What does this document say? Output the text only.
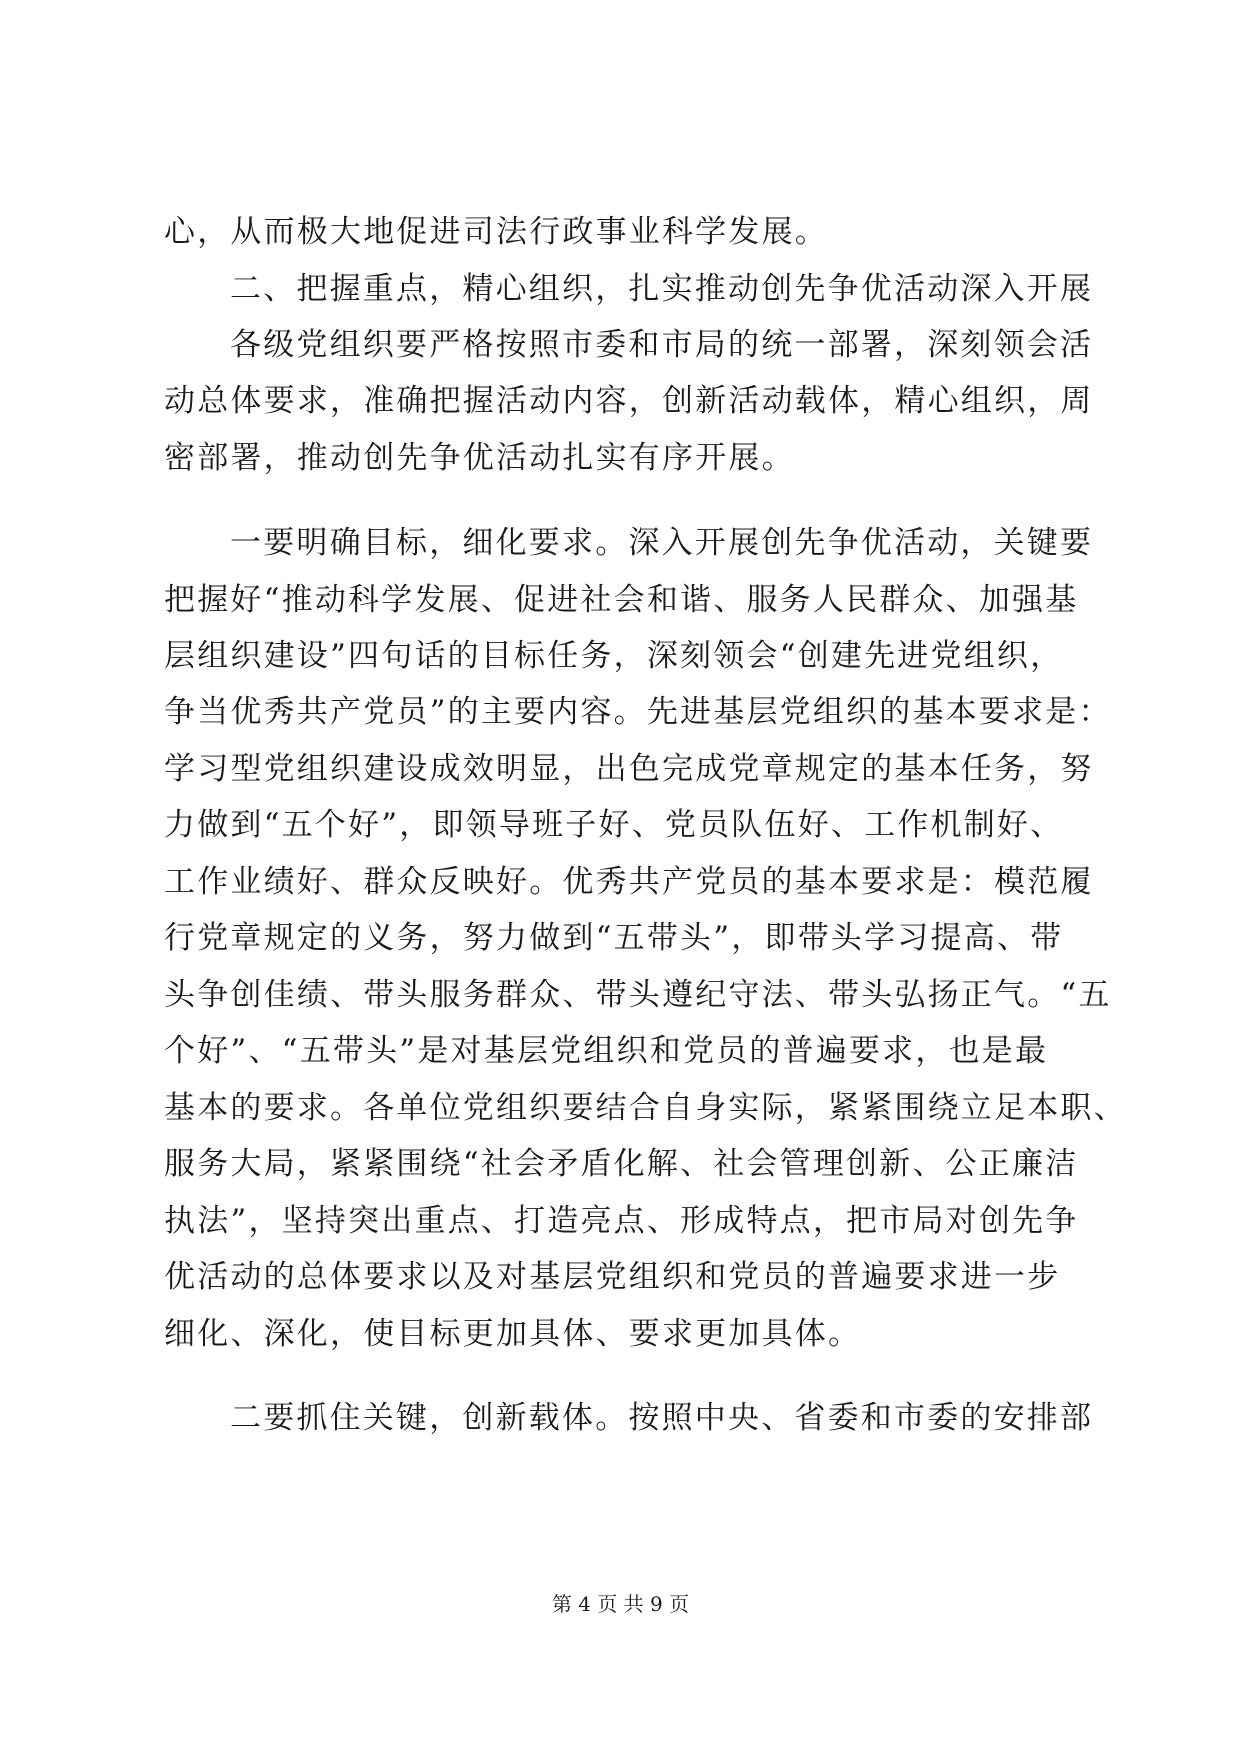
心，从而极大地促进司法行政事业科学发展。
二、把握重点，精心组织，扎实推动创先争优活动深入开展
各级党组织要严格按照市委和市局的统一部署，深刻领会活
动总体要求，准确把握活动内容，创新活动载体，精心组织，周
密部署，推动创先争优活动扎实有序开展。
一要明确目标，细化要求。深入开展创先争优活动，关键要
把握好“推动科学发展、促进社会和谐、服务人民群众、加强基
层组织建设”四句话的目标任务，深刻领会“创建先进党组织，
争当优秀共产党员”的主要内容。先进基层党组织的基本要求是：
学习型党组织建设成效明显，出色完成党章规定的基本任务，努
力做到“五个好”，即领导班子好、党员队伍好、工作机制好、
工作业绩好、群众反映好。优秀共产党员的基本要求是：模范履
行党章规定的义务，努力做到“五带头”，即带头学习提高、带
头争创佳绩、带头服务群众、带头遵纪守法、带头弘扬正气。“五
个好”、“五带头”是对基层党组织和党员的普遍要求，也是最
基本的要求。各单位党组织要结合自身实际，紧紧围绕立足本职、
服务大局，紧紧围绕“社会矛盾化解、社会管理创新、公正廉洁
执法”，坚持突出重点、打造亮点、形成特点，把市局对创先争
优活动的总体要求以及对基层党组织和党员的普遍要求进一步
细化、深化，使目标更加具体、要求更加具体。
二要抓住关键，创新载体。按照中央、省委和市委的安排部
第 4 页 共 9 页
